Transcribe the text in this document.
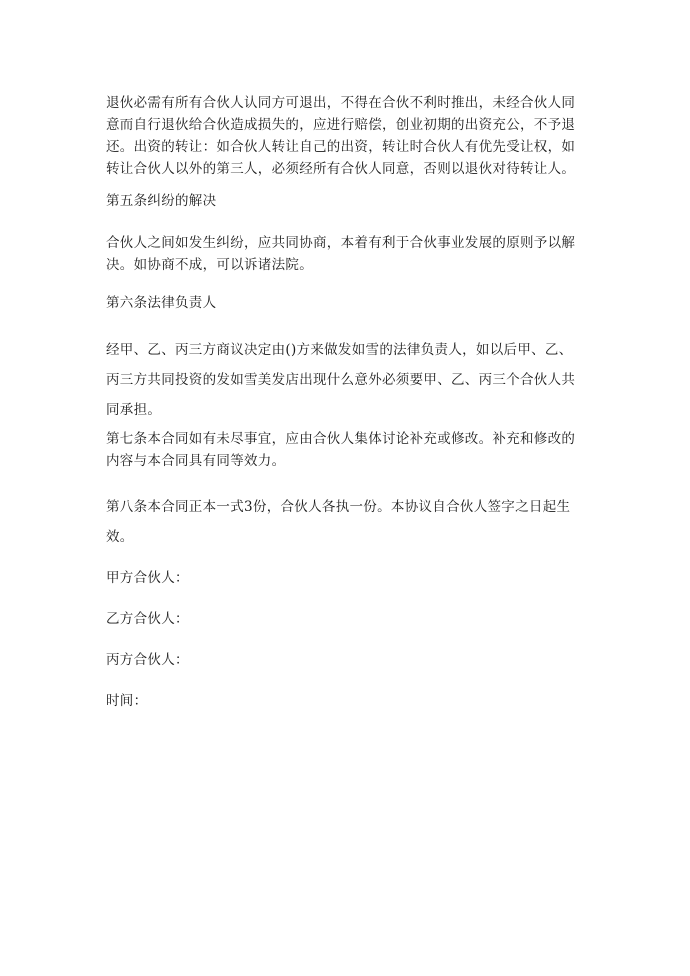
退伙必需有所有合伙人认同方可退出，不得在合伙不利时推出，未经合伙人同意而自行退伙给合伙造成损失的，应进行赔偿，创业初期的出资充公，不予退还。出资的转让：如合伙人转让自己的出资，转让时合伙人有优先受让权，如转让合伙人以外的第三人，必须经所有合伙人同意，否则以退伙对待转让人。

第五条纠纷的解决

合伙人之间如发生纠纷，应共同协商，本着有利于合伙事业发展的原则予以解决。如协商不成，可以诉诸法院。

第六条法律负责人

经甲、乙、丙三方商议决定由()方来做发如雪的法律负责人，如以后甲、乙、丙三方共同投资的发如雪美发店出现什么意外必须要甲、乙、丙三个合伙人共同承担。

第七条本合同如有未尽事宜，应由合伙人集体讨论补充或修改。补充和修改的内容与本合同具有同等效力。

第八条本合同正本一式3份，合伙人各执一份。本协议自合伙人签字之日起生效。

甲方合伙人：
乙方合伙人：
丙方合伙人：
时间：
